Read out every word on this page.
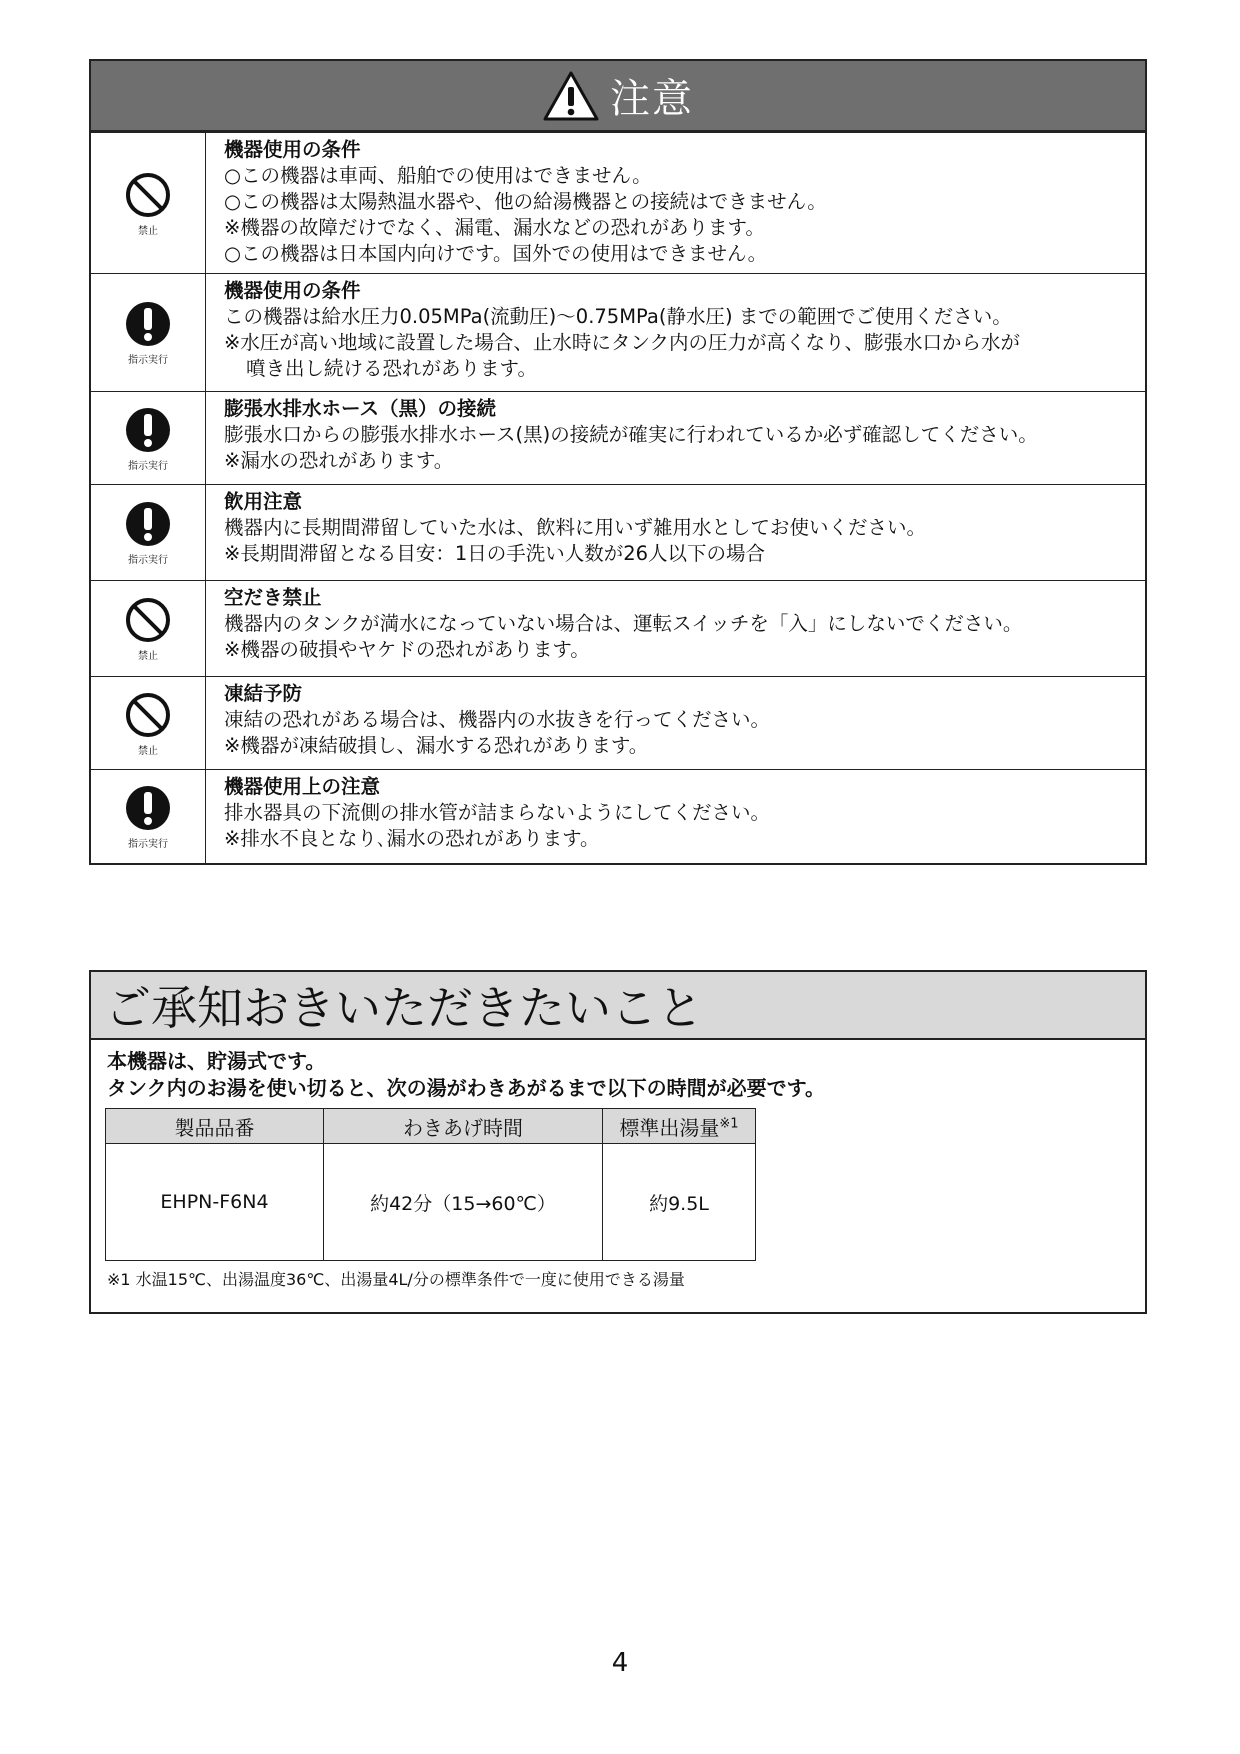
注意
禁止
機器使用の条件
○この機器は車両、船舶での使用はできません。
○この機器は太陽熱温水器や、他の給湯機器との接続はできません。
※機器の故障だけでなく、漏電、漏水などの恐れがあります。
○この機器は日本国内向けです。国外での使用はできません。
指示実行
機器使用の条件
この機器は給水圧力0.05MPa(流動圧)～0.75MPa(静水圧) までの範囲でご使用ください。
※水圧が高い地域に設置した場合、止水時にタンク内の圧力が高くなり、膨張水口から水が
噴き出し続ける恐れがあります。
指示実行
膨張水排水ホース（黒）の接続
膨張水口からの膨張水排水ホース(黒)の接続が確実に行われているか必ず確認してください。
※漏水の恐れがあります。
指示実行
飲用注意
機器内に長期間滞留していた水は、飲料に用いず雑用水としてお使いください。
※長期間滞留となる目安：1日の手洗い人数が26人以下の場合
禁止
空だき禁止
機器内のタンクが満水になっていない場合は、運転スイッチを「入」にしないでください。
※機器の破損やヤケドの恐れがあります。
禁止
凍結予防
凍結の恐れがある場合は、機器内の水抜きを行ってください。
※機器が凍結破損し、漏水する恐れがあります。
指示実行
機器使用上の注意
排水器具の下流側の排水管が詰まらないようにしてください。
※排水不良となり､漏水の恐れがあります。
ご承知おきいただきたいこと
本機器は、貯湯式です。
タンク内のお湯を使い切ると、次の湯がわきあがるまで以下の時間が必要です。
製品品番	わきあげ時間	標準出湯量$^{※1}$
EHPN-F6N4	約42分（15→60℃）	約9.5L
※1 水温15℃、出湯温度36℃、出湯量4L/分の標準条件で一度に使用できる湯量
4
